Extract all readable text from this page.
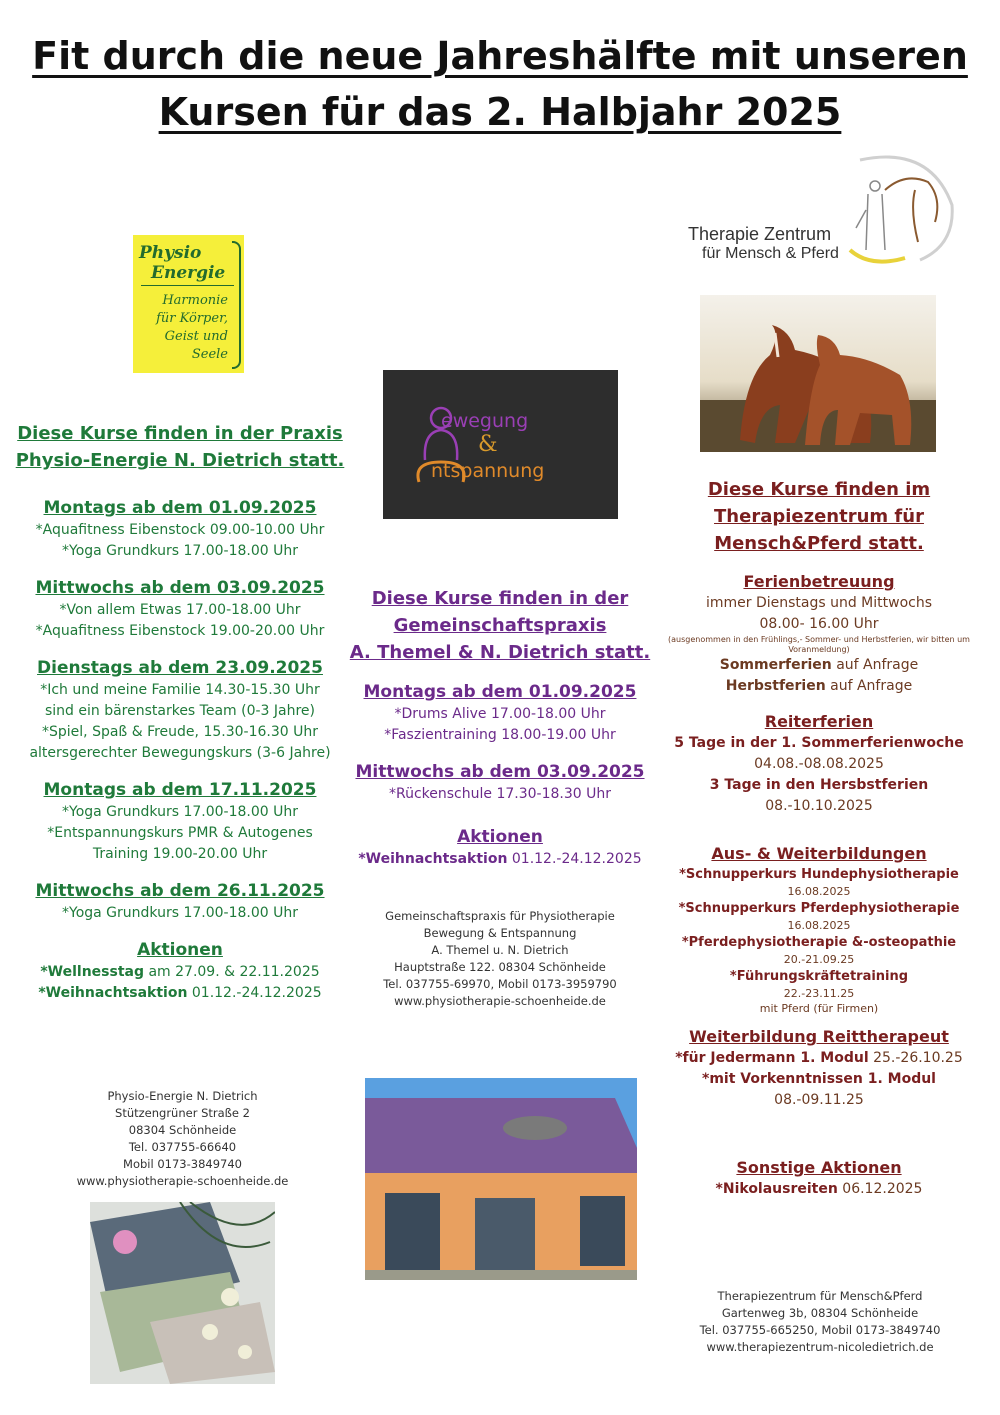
Fit durch die neue Jahreshälfte mit unseren
Kursen für das 2. Halbjahr 2025
Physio
Energie
Harmonie
für Körper,
Geist und
Seele
ewegung
&
ntspannung
Therapie Zentrum
für Mensch & Pferd
Diese Kurse finden in der Praxis
Physio-Energie N. Dietrich statt.
Montags ab dem 01.09.2025
*Aquafitness Eibenstock 09.00-10.00 Uhr
*Yoga Grundkurs 17.00-18.00 Uhr
Mittwochs ab dem 03.09.2025
*Von allem Etwas 17.00-18.00 Uhr
*Aquafitness Eibenstock 19.00-20.00 Uhr
Dienstags ab dem 23.09.2025
*Ich und meine Familie 14.30-15.30 Uhr
sind ein bärenstarkes Team (0-3 Jahre)
*Spiel, Spaß & Freude, 15.30-16.30 Uhr
altersgerechter Bewegungskurs (3-6 Jahre)
Montags ab dem 17.11.2025
*Yoga Grundkurs 17.00-18.00 Uhr
*Entspannungskurs PMR & Autogenes
Training 19.00-20.00 Uhr
Mittwochs ab dem 26.11.2025
*Yoga Grundkurs 17.00-18.00 Uhr
Aktionen
*Wellnesstag am 27.09. & 22.11.2025
*Weihnachtsaktion 01.12.-24.12.2025
Physio-Energie N. Dietrich
Stützengrüner Straße 2
08304 Schönheide
Tel. 037755-66640
Mobil 0173-3849740
www.physiotherapie-schoenheide.de
Diese Kurse finden in der
Gemeinschaftspraxis
A. Themel & N. Dietrich statt.
Montags ab dem 01.09.2025
*Drums Alive 17.00-18.00 Uhr
*Faszientraining 18.00-19.00 Uhr
Mittwochs ab dem 03.09.2025
*Rückenschule 17.30-18.30 Uhr
Aktionen
*Weihnachtsaktion 01.12.-24.12.2025
Gemeinschaftspraxis für Physiotherapie
Bewegung & Entspannung
A. Themel u. N. Dietrich
Hauptstraße 122. 08304 Schönheide
Tel. 037755-69970, Mobil 0173-3959790
www.physiotherapie-schoenheide.de
Diese Kurse finden im
Therapiezentrum für
Mensch&Pferd statt.
Ferienbetreuung
immer Dienstags und Mittwochs
08.00- 16.00 Uhr
(ausgenommen in den Frühlings,- Sommer- und Herbstferien, wir bitten um Voranmeldung)
Sommerferien auf Anfrage
Herbstferien auf Anfrage
Reiterferien
5 Tage in der 1. Sommerferienwoche
04.08.-08.08.2025
3 Tage in den Hersbstferien
08.-10.10.2025
Aus- & Weiterbildungen
*Schnupperkurs Hundephysiotherapie
16.08.2025
*Schnupperkurs Pferdephysiotherapie
16.08.2025
*Pferdephysiotherapie &-osteopathie
20.-21.09.25
*Führungskräftetraining
22.-23.11.25
mit Pferd (für Firmen)
Weiterbildung Reittherapeut
*für Jedermann 1. Modul 25.-26.10.25
*mit Vorkenntnissen 1. Modul 08.-09.11.25
Sonstige Aktionen
*Nikolausreiten 06.12.2025
Therapiezentrum für Mensch&Pferd
Gartenweg 3b, 08304 Schönheide
Tel. 037755-665250, Mobil 0173-3849740
www.therapiezentrum-nicoledietrich.de
